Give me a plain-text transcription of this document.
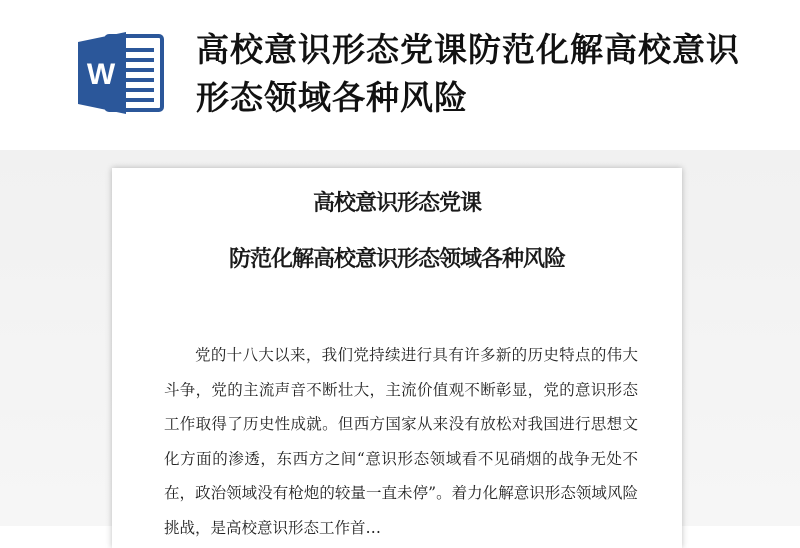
W
高校意识形态党课防范化解高校意识形态领域各种风险
高校意识形态党课
防范化解高校意识形态领域各种风险

党的十八大以来，我们党持续进行具有许多新的历史特点的伟大斗争，党的主流声音不断壮大，主流价值观不断彰显，党的意识形态工作取得了历史性成就。但西方国家从来没有放松对我国进行思想文化方面的渗透，东西方之间“意识形态领域看不见硝烟的战争无处不在，政治领域没有枪炮的较量一直未停”。着力化解意识形态领域风险挑战，是高校意识形态工作首…
